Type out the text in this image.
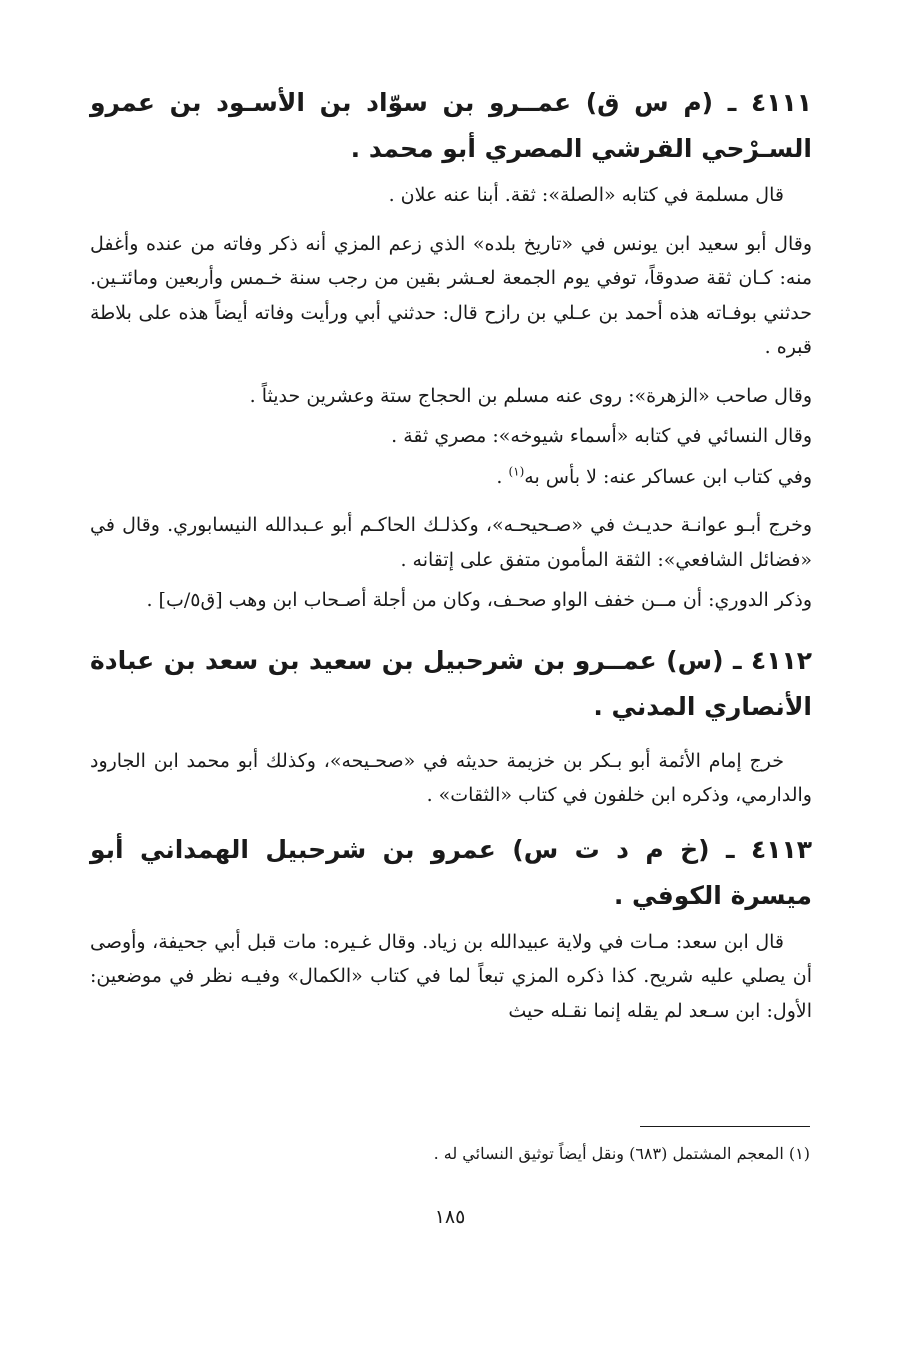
٤١١١ ـ (م س ق) عمــرو بن سوّاد بن الأسـود بن عمرو السـرْحي القرشي المصري أبو محمد .

قال مسلمة في كتابه «الصلة»: ثقة. أبنا عنه علان .

وقال أبو سعيد ابن يونس في «تاريخ بلده» الذي زعم المزي أنه ذكر وفاته من عنده وأغفل منه: كـان ثقة صدوقاً، توفي يوم الجمعة لعـشر بقين من رجب سنة خـمس وأربعين ومائتـين. حدثني بوفـاته هذه أحمد بن عـلي بن رازح قال: حدثني أبي ورأيت وفاته أيضاً هذه على بلاطة قبره .

وقال صاحب «الزهرة»: روى عنه مسلم بن الحجاج ستة وعشرين حديثاً .

وقال النسائي في كتابه «أسماء شيوخه»: مصري ثقة .

وفي كتاب ابن عساكر عنه: لا بأس به$^{(١)}$ .

وخرج أبـو عوانـة حديـث في «صـحيحـه»، وكذلـك الحاكـم أبو عـبدالله النيسابوري. وقال في «فضائل الشافعي»: الثقة المأمون متفق على إتقانه .

وذكر الدوري: أن مــن خفف الواو صحـف، وكان من أجلة أصـحاب ابن وهب [ق٥/ب] .

٤١١٢ ـ (س) عمــرو بن شرحبيل بن سعيد بن سعد بن عبادة الأنصاري المدني .

خرج إمام الأئمة أبو بـكر بن خزيمة حديثه في «صحـيحه»، وكذلك أبو محمد ابن الجارود والدارمي، وذكره ابن خلفون في كتاب «الثقات» .

٤١١٣ ـ (خ م د ت س) عمرو بن شرحبيل الهمداني أبو ميسرة الكوفي .

قال ابن سعد: مـات في ولاية عبيدالله بن زياد. وقال غـيره: مات قبل أبي جحيفة، وأوصى أن يصلي عليه شريح. كذا ذكره المزي تبعاً لما في كتاب «الكمال» وفيـه نظر في موضعين: الأول: ابن سـعد لم يقله إنما نقـله حيث

(١) المعجم المشتمل (٦٨٣) ونقل أيضاً توثيق النسائي له .

١٨٥
